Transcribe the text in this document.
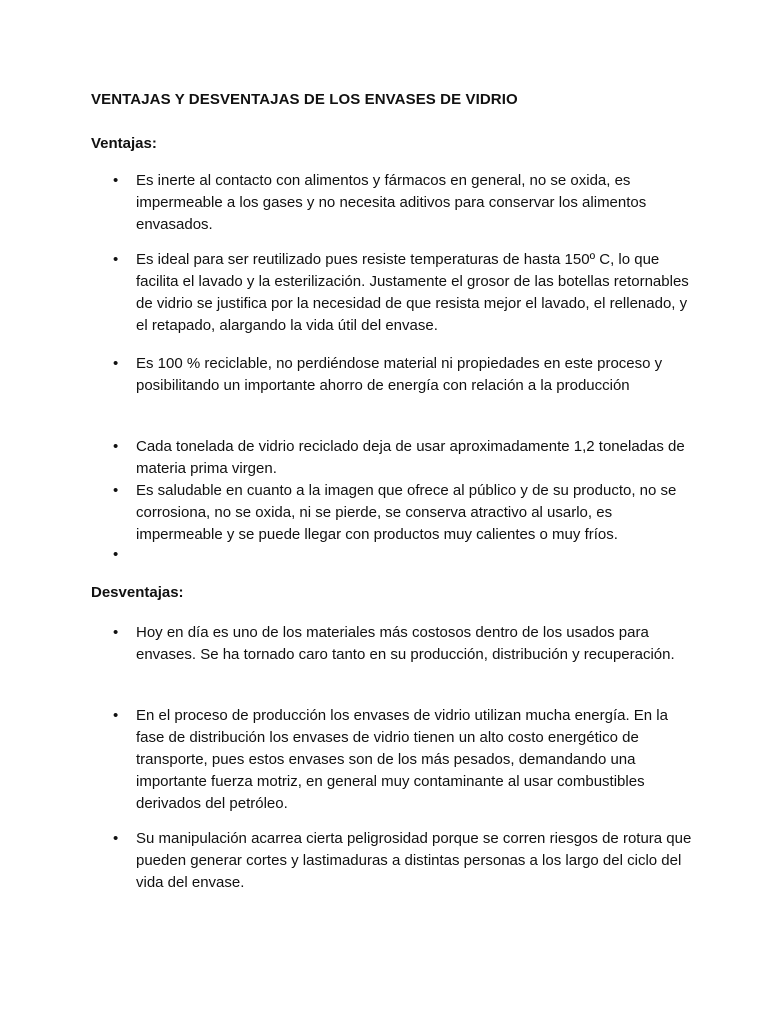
VENTAJAS Y DESVENTAJAS DE LOS ENVASES DE VIDRIO
Ventajas:
• Es inerte al contacto con alimentos y fármacos en general, no se oxida, es impermeable a los gases y no necesita aditivos para conservar los alimentos envasados.
• Es ideal para ser reutilizado pues resiste temperaturas de hasta 150º C, lo que facilita el lavado y la esterilización. Justamente el grosor de las botellas retornables de vidrio se justifica por la necesidad de que resista mejor el lavado, el rellenado, y el retapado, alargando la vida útil del envase.
• Es 100 % reciclable, no perdiéndose material ni propiedades en este proceso y posibilitando un importante ahorro de energía con relación a la producción
• Cada tonelada de vidrio reciclado deja de usar aproximadamente 1,2 toneladas de materia prima virgen.
• Es saludable en cuanto a la imagen que ofrece al público y de su producto, no se corrosiona, no se oxida, ni se pierde, se conserva atractivo al usarlo, es impermeable y se puede llegar con productos muy calientes o muy fríos.
•
Desventajas:
• Hoy en día es uno de los materiales más costosos dentro de los usados para envases. Se ha tornado caro tanto en su producción, distribución y recuperación.
• En el proceso de producción los envases de vidrio utilizan mucha energía. En la fase de distribución los envases de vidrio tienen un alto costo energético de transporte, pues estos envases son de los más pesados, demandando una importante fuerza motriz, en general muy contaminante al usar combustibles derivados del petróleo.
• Su manipulación acarrea cierta peligrosidad porque se corren riesgos de rotura que pueden generar cortes y lastimaduras a distintas personas a los largo del ciclo del vida del envase.
